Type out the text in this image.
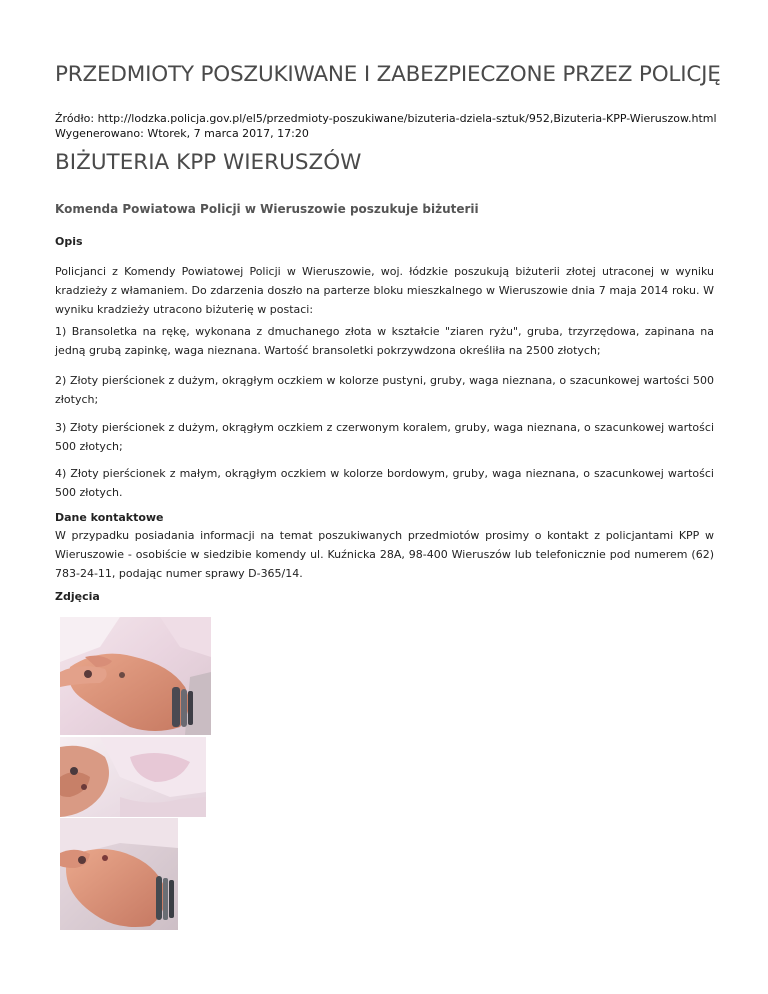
PRZEDMIOTY POSZUKIWANE I ZABEZPIECZONE PRZEZ POLICJĘ
Źródło: http://lodzka.policja.gov.pl/el5/przedmioty-poszukiwane/bizuteria-dziela-sztuk/952,Bizuteria-KPP-Wieruszow.html
Wygenerowano: Wtorek, 7 marca 2017, 17:20
BIŻUTERIA KPP WIERUSZÓW
Komenda Powiatowa Policji w Wieruszowie poszukuje biżuterii
Opis

Policjanci z Komendy Powiatowej Policji w Wieruszowie, woj. łódzkie poszukują biżuterii złotej utraconej w wyniku kradzieży z włamaniem. Do zdarzenia doszło na parterze bloku mieszkalnego w Wieruszowie dnia 7 maja 2014 roku. W wyniku kradzieży utracono biżuterię w postaci:

1) Bransoletka na rękę, wykonana z dmuchanego złota w kształcie "ziaren ryżu", gruba, trzyrzędowa, zapinana na jedną grubą zapinkę, waga nieznana. Wartość bransoletki pokrzywdzona określiła na 2500 złotych;

2) Złoty pierścionek z dużym, okrągłym oczkiem w kolorze pustyni, gruby, waga nieznana, o szacunkowej wartości 500 złotych;

3) Złoty pierścionek z dużym, okrągłym oczkiem z czerwonym koralem, gruby, waga nieznana, o szacunkowej wartości 500 złotych;

4) Złoty pierścionek z małym, okrągłym oczkiem w kolorze bordowym, gruby, waga nieznana, o szacunkowej wartości 500 złotych.

Dane kontaktowe

W przypadku posiadania informacji na temat poszukiwanych przedmiotów prosimy o kontakt z policjantami KPP w Wieruszowie - osobiście w siedzibie komendy ul. Kuźnicka 28A, 98-400 Wieruszów lub telefonicznie pod numerem (62) 783-24-11, podając numer sprawy D-365/14.

Zdjęcia
